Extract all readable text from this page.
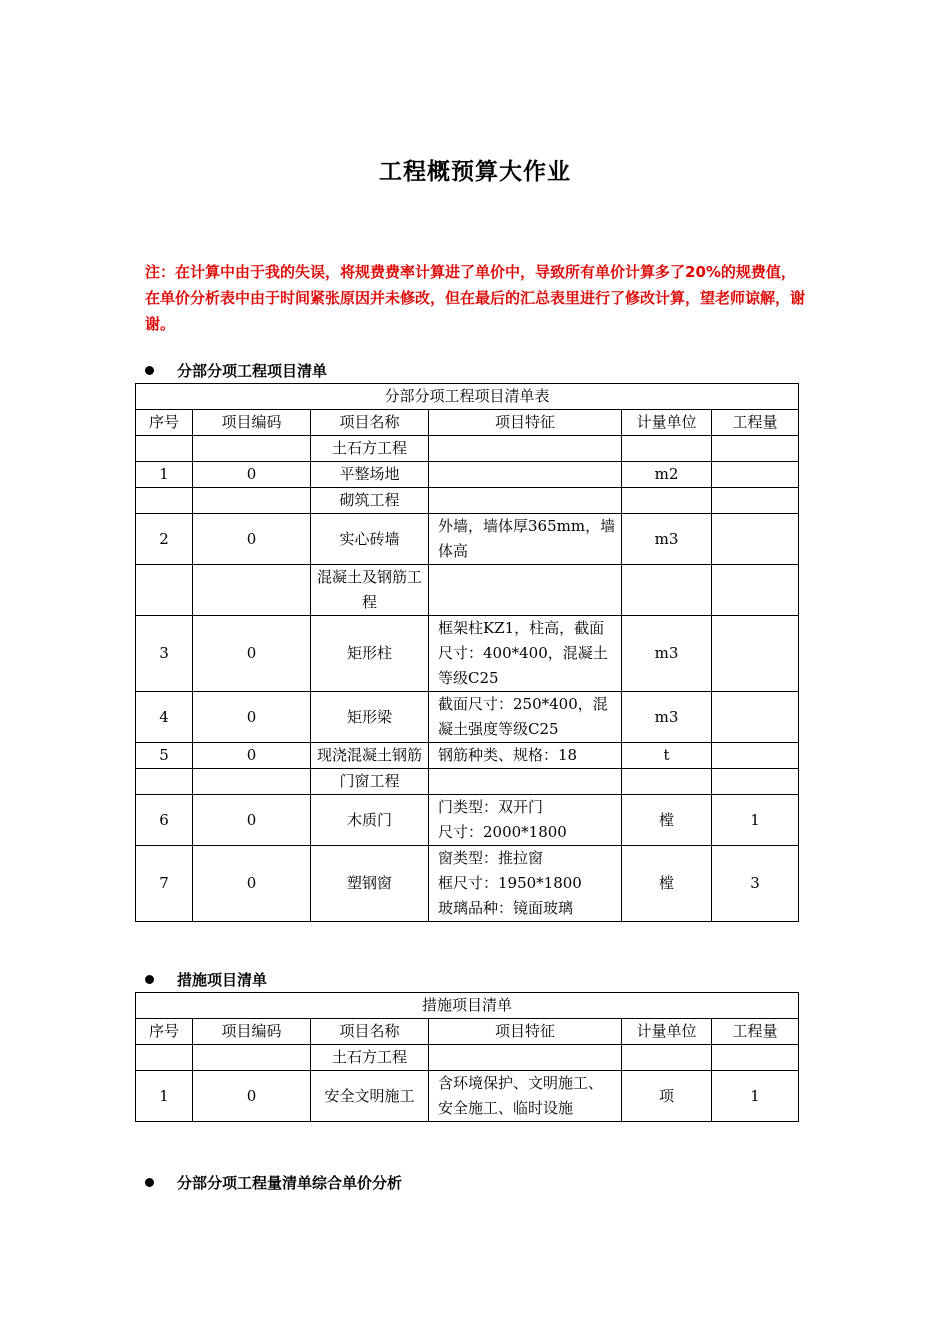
工程概预算大作业
注：在计算中由于我的失误，将规费费率计算进了单价中，导致所有单价计算多了20%的规费值，在单价分析表中由于时间紧张原因并未修改，但在最后的汇总表里进行了修改计算，望老师谅解，谢谢。
分部分项工程项目清单
分部分项工程项目清单表					
序号	项目编码	项目名称	项目特征	计量单位	工程量
		土石方工程			
1	0	平整场地		m2	
		砌筑工程			
2	0	实心砖墙	外墙，墙体厚365mm，墙体高	m3	
		混凝土及钢筋工程			
3	0	矩形柱	框架柱KZ1，柱高，截面尺寸：400*400，混凝土等级C25	m3	
4	0	矩形梁	截面尺寸：250*400，混凝土强度等级C25	m3	
5	0	现浇混凝土钢筋	钢筋种类、规格：18	t	
		门窗工程			
6	0	木质门	门类型：双开门
尺寸：2000*1800	樘	1
7	0	塑钢窗	窗类型：推拉窗
框尺寸：1950*1800
玻璃品种：镜面玻璃	樘	3
措施项目清单
措施项目清单					
序号	项目编码	项目名称	项目特征	计量单位	工程量
		土石方工程			
1	0	安全文明施工	含环境保护、文明施工、安全施工、临时设施	项	1
分部分项工程量清单综合单价分析
